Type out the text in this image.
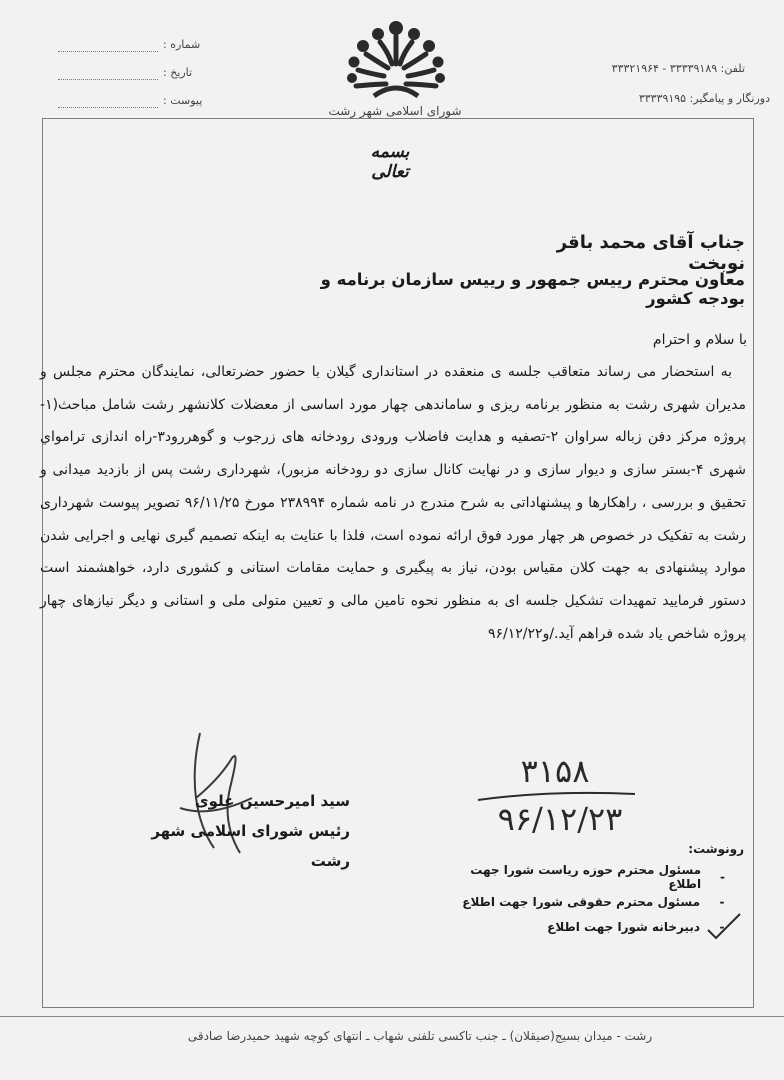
شماره :
تاریخ :
پیوست :
تلفن: ۳۳۳۳۹۱۸۹ - ۳۳۳۲۱۹۶۴
دورنگار و پیامگیر: ۳۳۳۳۹۱۹۵
شورای اسلامی شهر رشت
بسمه تعالی
جناب آقای محمد باقر نوبخت
معاون محترم رییس جمهور و رییس سازمان برنامه و بودجه کشور
با سلام و احترام

به استحضار می رساند متعاقب جلسه ی منعقده در استانداری گیلان با حضور حضرتعالی، نمایندگان محترم مجلس و مدیران شهری رشت به منظور برنامه ریزی و ساماندهی چهار مورد اساسی از معضلات کلانشهر رشت شامل مباحث(۱-پروژه مرکز دفن زباله سراوان ۲-تصفیه و هدایت فاضلاب ورودی رودخانه های زرجوب و گوهررود۳-راه اندازی ترامواي شهری ۴-بستر سازی و دیوار سازی و در نهایت کانال سازی دو رودخانه مزبور)، شهرداری رشت پس از بازدید میدانی و تحقیق و بررسی ، راهکارها و پیشنهاداتی به شرح مندرج در نامه شماره ۲۳۸۹۹۴ مورخ ۹۶/۱۱/۲۵ تصویر پیوست شهرداری رشت به تفکیک در خصوص هر چهار مورد فوق ارائه نموده است، فلذا با عنایت به اینکه تصمیم گیری نهایی و اجرایی شدن موارد پیشنهادی به جهت کلان مقیاس بودن، نیاز به پیگیری و حمایت مقامات استانی و کشوری دارد، خواهشمند است دستور فرمایید تمهیدات تشکیل جلسه ای به منظور نحوه تامین مالی و تعیین متولی ملی و استانی و دیگر نیازهای چهار پروژه شاخص یاد شده فراهم آید./و۹۶/۱۲/۲۲

سید امیرحسین علوی
رئیس شورای اسلامی شهر رشت
۳۱۵۸
۹۶/۱۲/۲۳
رونوشت:
-
مسئول محترم حوزه ریاست شورا جهت اطلاع
-
مسئول محترم حقوقی شورا جهت اطلاع
-
دبیرخانه شورا جهت اطلاع
رشت - میدان بسیج(صیقلان) ـ جنب تاکسی تلفنی شهاب ـ انتهای کوچه شهید حمیدرضا صادقی
